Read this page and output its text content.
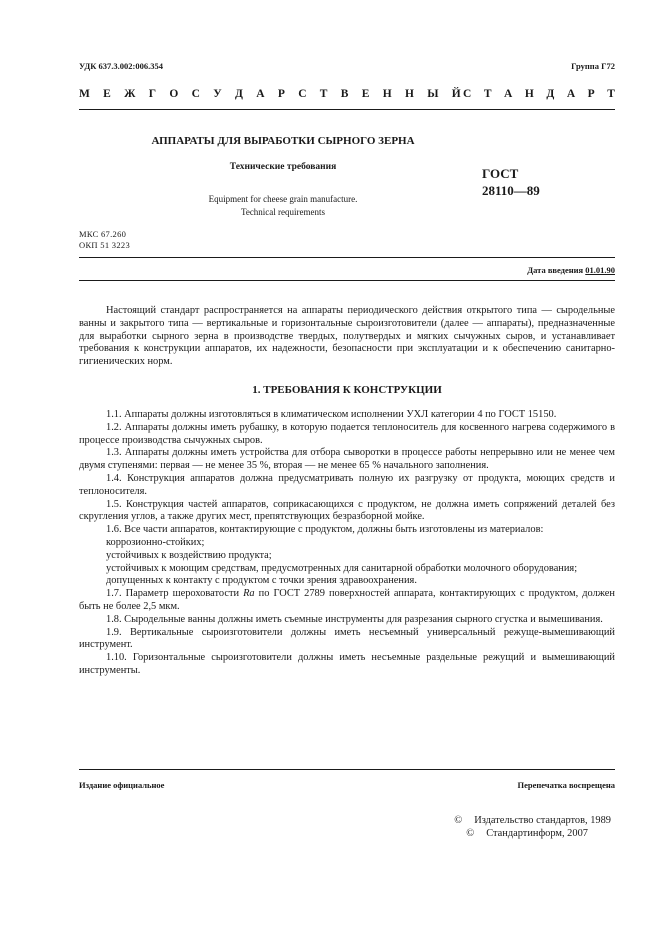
УДК 637.3.002:006.354	Группа Г72
М Е Ж Г О С У Д А Р С Т В Е Н Н Ы Й С Т А Н Д А Р Т
АППАРАТЫ ДЛЯ ВЫРАБОТКИ СЫРНОГО ЗЕРНА
Технические требования
Equipment for cheese grain manufacture.
Technical requirements
ГОСТ
28110—89
МКС 67.260
ОКП 51 3223
Дата введения 01.01.90

Настоящий стандарт распространяется на аппараты периодического действия открытого типа — сыродельные ванны и закрытого типа — вертикальные и горизонтальные сыроизготовители (далее — аппараты), предназначенные для выработки сырного зерна в производстве твердых, полутвердых и мягких сычужных сыров, и устанавливает требования к конструкции аппаратов, их надежности, безопасности при эксплуатации и к обеспечению санитарно-гигиенических норм.

1. ТРЕБОВАНИЯ К КОНСТРУКЦИИ

1.1. Аппараты должны изготовляться в климатическом исполнении УХЛ категории 4 по ГОСТ 15150.

1.2. Аппараты должны иметь рубашку, в которую подается теплоноситель для косвенного нагрева содержимого в процессе производства сычужных сыров.

1.3. Аппараты должны иметь устройства для отбора сыворотки в процессе работы непрерывно или не менее чем двумя ступенями: первая — не менее 35 %, вторая — не менее 65 % начального заполнения.

1.4. Конструкция аппаратов должна предусматривать полную их разгрузку от продукта, моющих средств и теплоносителя.

1.5. Конструкция частей аппаратов, соприкасающихся с продуктом, не должна иметь сопряжений деталей без скругления углов, а также других мест, препятствующих безразборной мойке.

1.6. Все части аппаратов, контактирующие с продуктом, должны быть изготовлены из материалов:

коррозионно-стойких;

устойчивых к воздействию продукта;

устойчивых к моющим средствам, предусмотренных для санитарной обработки молочного оборудования;

допущенных к контакту с продуктом с точки зрения здравоохранения.

1.7. Параметр шероховатости Ra по ГОСТ 2789 поверхностей аппарата, контактирующих с продуктом, должен быть не более 2,5 мкм.

1.8. Сыродельные ванны должны иметь съемные инструменты для разрезания сырного сгустка и вымешивания.

1.9. Вертикальные сыроизготовители должны иметь несъемный универсальный режуще-вымешивающий инструмент.

1.10. Горизонтальные сыроизготовители должны иметь несъемные раздельные режущий и вымешивающий инструменты.

Издание официальное	Перепечатка воспрещена
©	Издательство стандартов, 1989
©	Стандартинформ, 2007
